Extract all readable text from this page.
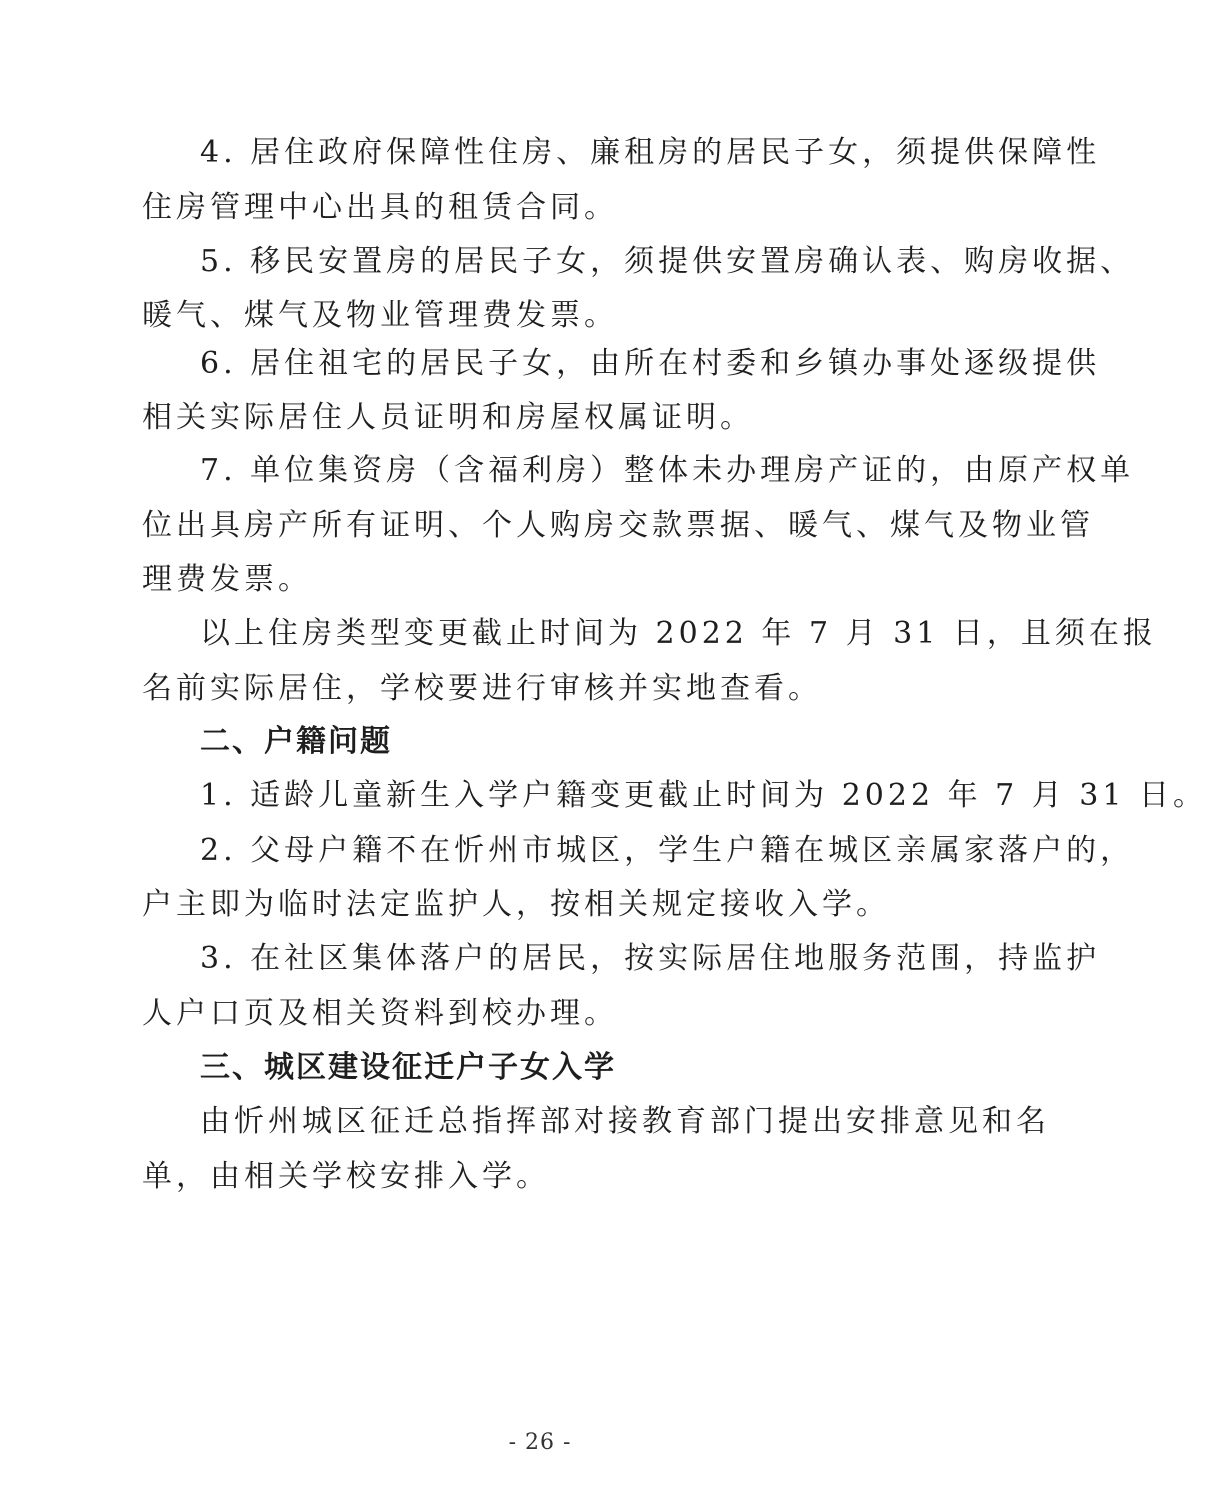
4. 居住政府保障性住房、廉租房的居民子女，须提供保障性
住房管理中心出具的租赁合同。
5. 移民安置房的居民子女，须提供安置房确认表、购房收据、
暖气、煤气及物业管理费发票。
6. 居住祖宅的居民子女，由所在村委和乡镇办事处逐级提供
相关实际居住人员证明和房屋权属证明。
7. 单位集资房（含福利房）整体未办理房产证的，由原产权单
位出具房产所有证明、个人购房交款票据、暖气、煤气及物业管
理费发票。
以上住房类型变更截止时间为 2022 年 7 月 31 日，且须在报
名前实际居住，学校要进行审核并实地查看。
二、户籍问题
1. 适龄儿童新生入学户籍变更截止时间为 2022 年 7 月 31 日。
2. 父母户籍不在忻州市城区，学生户籍在城区亲属家落户的，
户主即为临时法定监护人，按相关规定接收入学。
3. 在社区集体落户的居民，按实际居住地服务范围，持监护
人户口页及相关资料到校办理。
三、城区建设征迁户子女入学
由忻州城区征迁总指挥部对接教育部门提出安排意见和名
单，由相关学校安排入学。
- 26 -
